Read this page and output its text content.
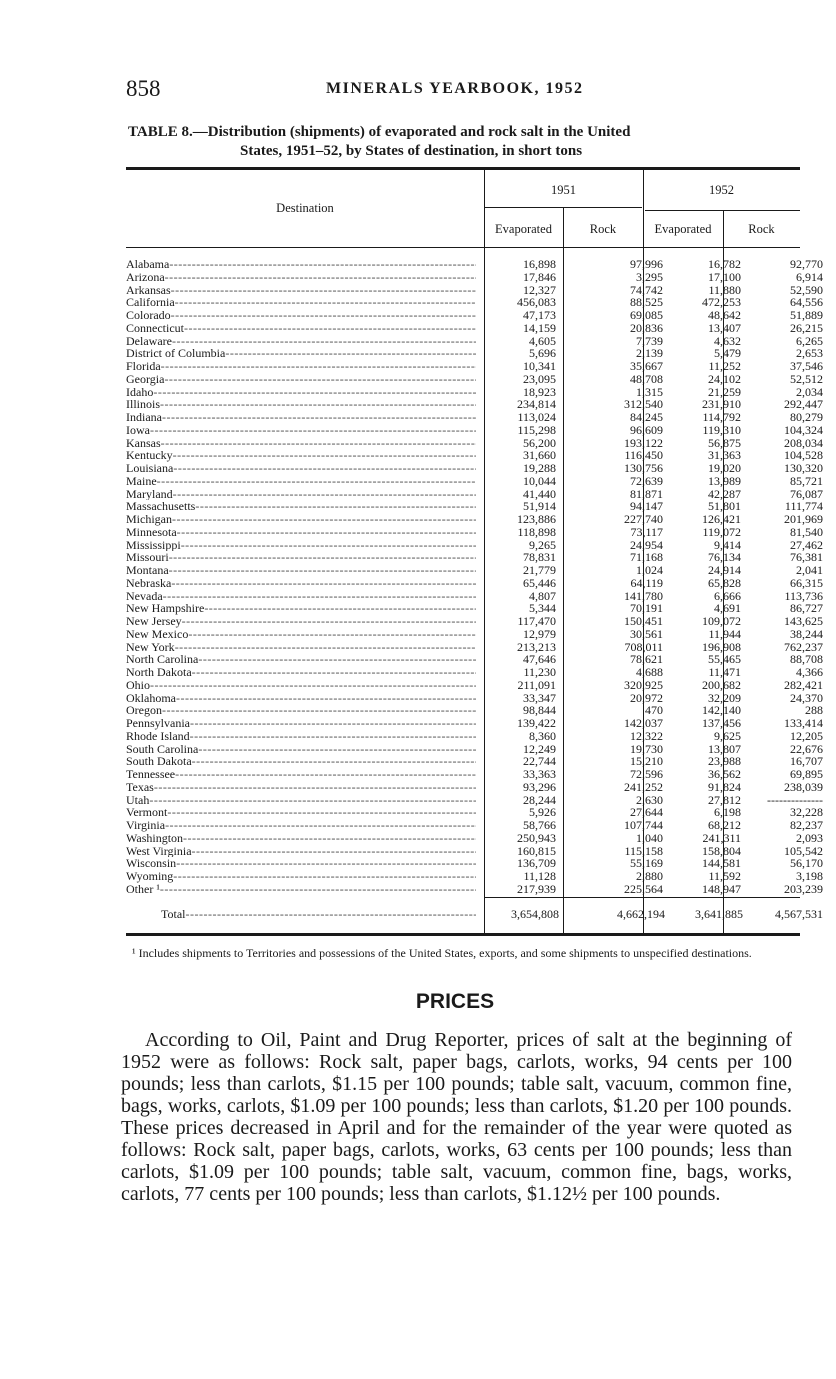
858	MINERALS YEARBOOK, 1952
TABLE 8.—Distribution (shipments) of evaporated and rock salt in the United
States, 1951–52, by States of destination, in short tons
Destination
1951	1952
Evaporated	Rock	Evaporated	Rock
Alabama -----	16,898	97,996	16,782	92,770
Arizona -----	17,846	3,295	17,100	6,914
Arkansas -----	12,327	74,742	11,880	52,590
California -----	456,083	88,525	472,253	64,556
Colorado -----	47,173	69,085	48,642	51,889
Connecticut -----	14,159	20,836	13,407	26,215
Delaware -----	4,605	7,739	4,632	6,265
District of Columbia -----	5,696	2,139	5,479	2,653
Florida -----	10,341	35,667	11,252	37,546
Georgia -----	23,095	48,708	24,102	52,512
Idaho -----	18,923	1,315	21,259	2,034
Illinois -----	234,814	312,540	231,910	292,447
Indiana -----	113,024	84,245	114,792	80,279
Iowa -----	115,298	96,609	119,310	104,324
Kansas -----	56,200	193,122	56,875	208,034
Kentucky -----	31,660	116,450	31,363	104,528
Louisiana -----	19,288	130,756	19,020	130,320
Maine -----	10,044	72,639	13,989	85,721
Maryland -----	41,440	81,871	42,287	76,087
Massachusetts -----	51,914	94,147	51,801	111,774
Michigan -----	123,886	227,740	126,421	201,969
Minnesota -----	118,898	73,117	119,072	81,540
Mississippi -----	9,265	24,954	9,414	27,462
Missouri -----	78,831	71,168	76,134	76,381
Montana -----	21,779	1,024	24,914	2,041
Nebraska -----	65,446	64,119	65,828	66,315
Nevada -----	4,807	141,780	6,666	113,736
New Hampshire -----	5,344	70,191	4,691	86,727
New Jersey -----	117,470	150,451	109,072	143,625
New Mexico -----	12,979	30,561	11,944	38,244
New York -----	213,213	708,011	196,908	762,237
North Carolina -----	47,646	78,621	55,465	88,708
North Dakota -----	11,230	4,688	11,471	4,366
Ohio -----	211,091	320,925	200,682	282,421
Oklahoma -----	33,347	20,972	32,209	24,370
Oregon -----	98,844	470	142,140	288
Pennsylvania -----	139,422	142,037	137,456	133,414
Rhode Island -----	8,360	12,322	9,625	12,205
South Carolina -----	12,249	19,730	13,807	22,676
South Dakota -----	22,744	15,210	23,988	16,707
Tennessee -----	33,363	72,596	36,562	69,895
Texas -----	93,296	241,252	91,824	238,039
Utah -----	28,244	2,630	27,812	--------------
Vermont -----	5,926	27,644	6,198	32,228
Virginia -----	58,766	107,744	68,212	82,237
Washington -----	250,943	1,040	241,311	2,093
West Virginia -----	160,815	115,158	158,804	105,542
Wisconsin -----	136,709	55,169	144,581	56,170
Wyoming -----	11,128	2,880	11,592	3,198
Other ¹ -----	217,939	225,564	148,947	203,239
Total -----	3,654,808	4,662,194	3,641,885	4,567,531
¹ Includes shipments to Territories and possessions of the United States, exports, and some shipments to unspecified destinations.
PRICES
According to Oil, Paint and Drug Reporter, prices of salt at the beginning of 1952 were as follows: Rock salt, paper bags, carlots, works, 94 cents per 100 pounds; less than carlots, $1.15 per 100 pounds; table salt, vacuum, common fine, bags, works, carlots, $1.09 per 100 pounds; less than carlots, $1.20 per 100 pounds. These prices decreased in April and for the remainder of the year were quoted as follows: Rock salt, paper bags, carlots, works, 63 cents per 100 pounds; less than carlots, $1.09 per 100 pounds; table salt, vacuum, common fine, bags, works, carlots, 77 cents per 100 pounds; less than carlots, $1.12½ per 100 pounds.
